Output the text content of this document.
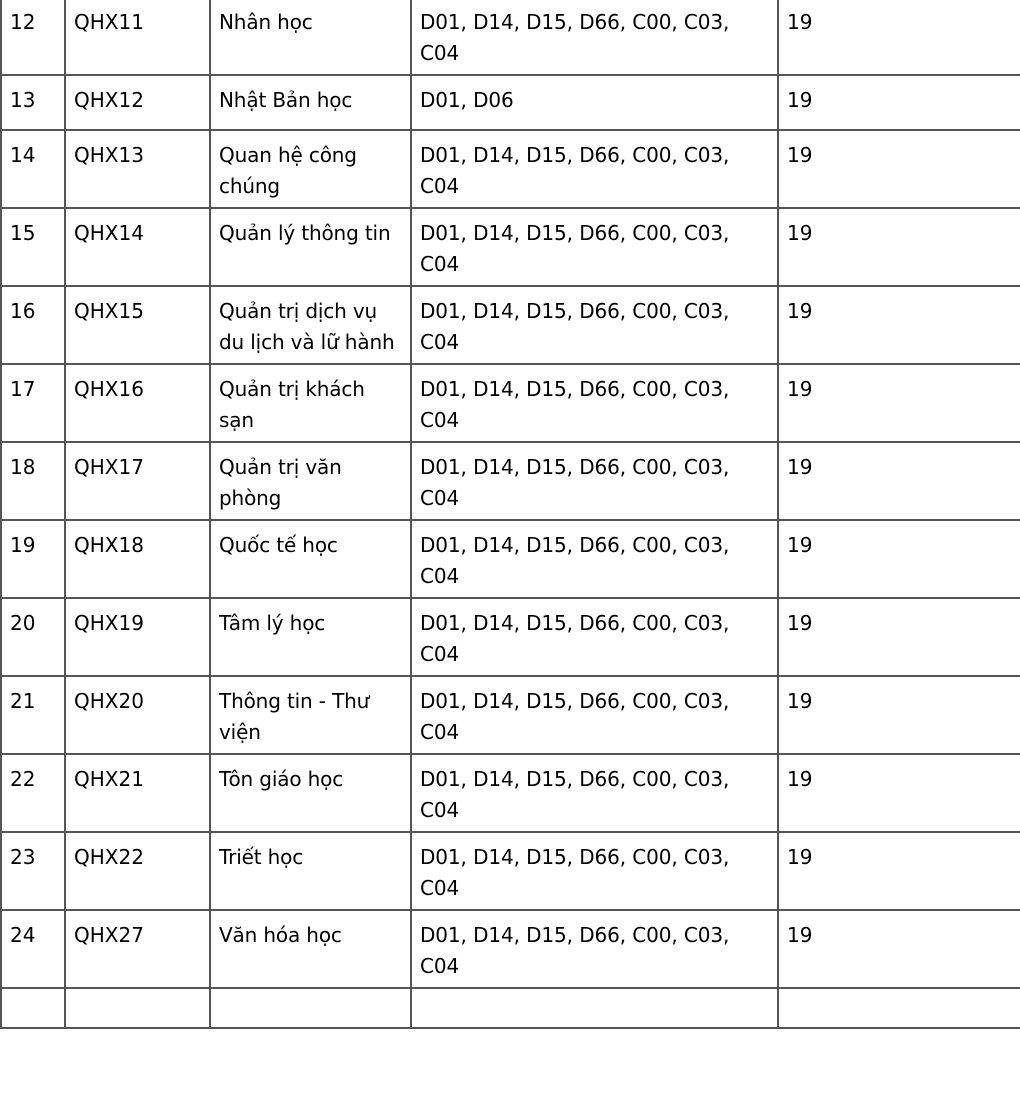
12	QHX11	Nhân học	D01, D14, D15, D66, C00, C03, C04	19
13	QHX12	Nhật Bản học	D01, D06	19
14	QHX13	Quan hệ công chúng	D01, D14, D15, D66, C00, C03, C04	19
15	QHX14	Quản lý thông tin	D01, D14, D15, D66, C00, C03, C04	19
16	QHX15	Quản trị dịch vụ du lịch và lữ hành	D01, D14, D15, D66, C00, C03, C04	19
17	QHX16	Quản trị khách sạn	D01, D14, D15, D66, C00, C03, C04	19
18	QHX17	Quản trị văn phòng	D01, D14, D15, D66, C00, C03, C04	19
19	QHX18	Quốc tế học	D01, D14, D15, D66, C00, C03, C04	19
20	QHX19	Tâm lý học	D01, D14, D15, D66, C00, C03, C04	19
21	QHX20	Thông tin - Thư viện	D01, D14, D15, D66, C00, C03, C04	19
22	QHX21	Tôn giáo học	D01, D14, D15, D66, C00, C03, C04	19
23	QHX22	Triết học	D01, D14, D15, D66, C00, C03, C04	19
24	QHX27	Văn hóa học	D01, D14, D15, D66, C00, C03, C04	19
